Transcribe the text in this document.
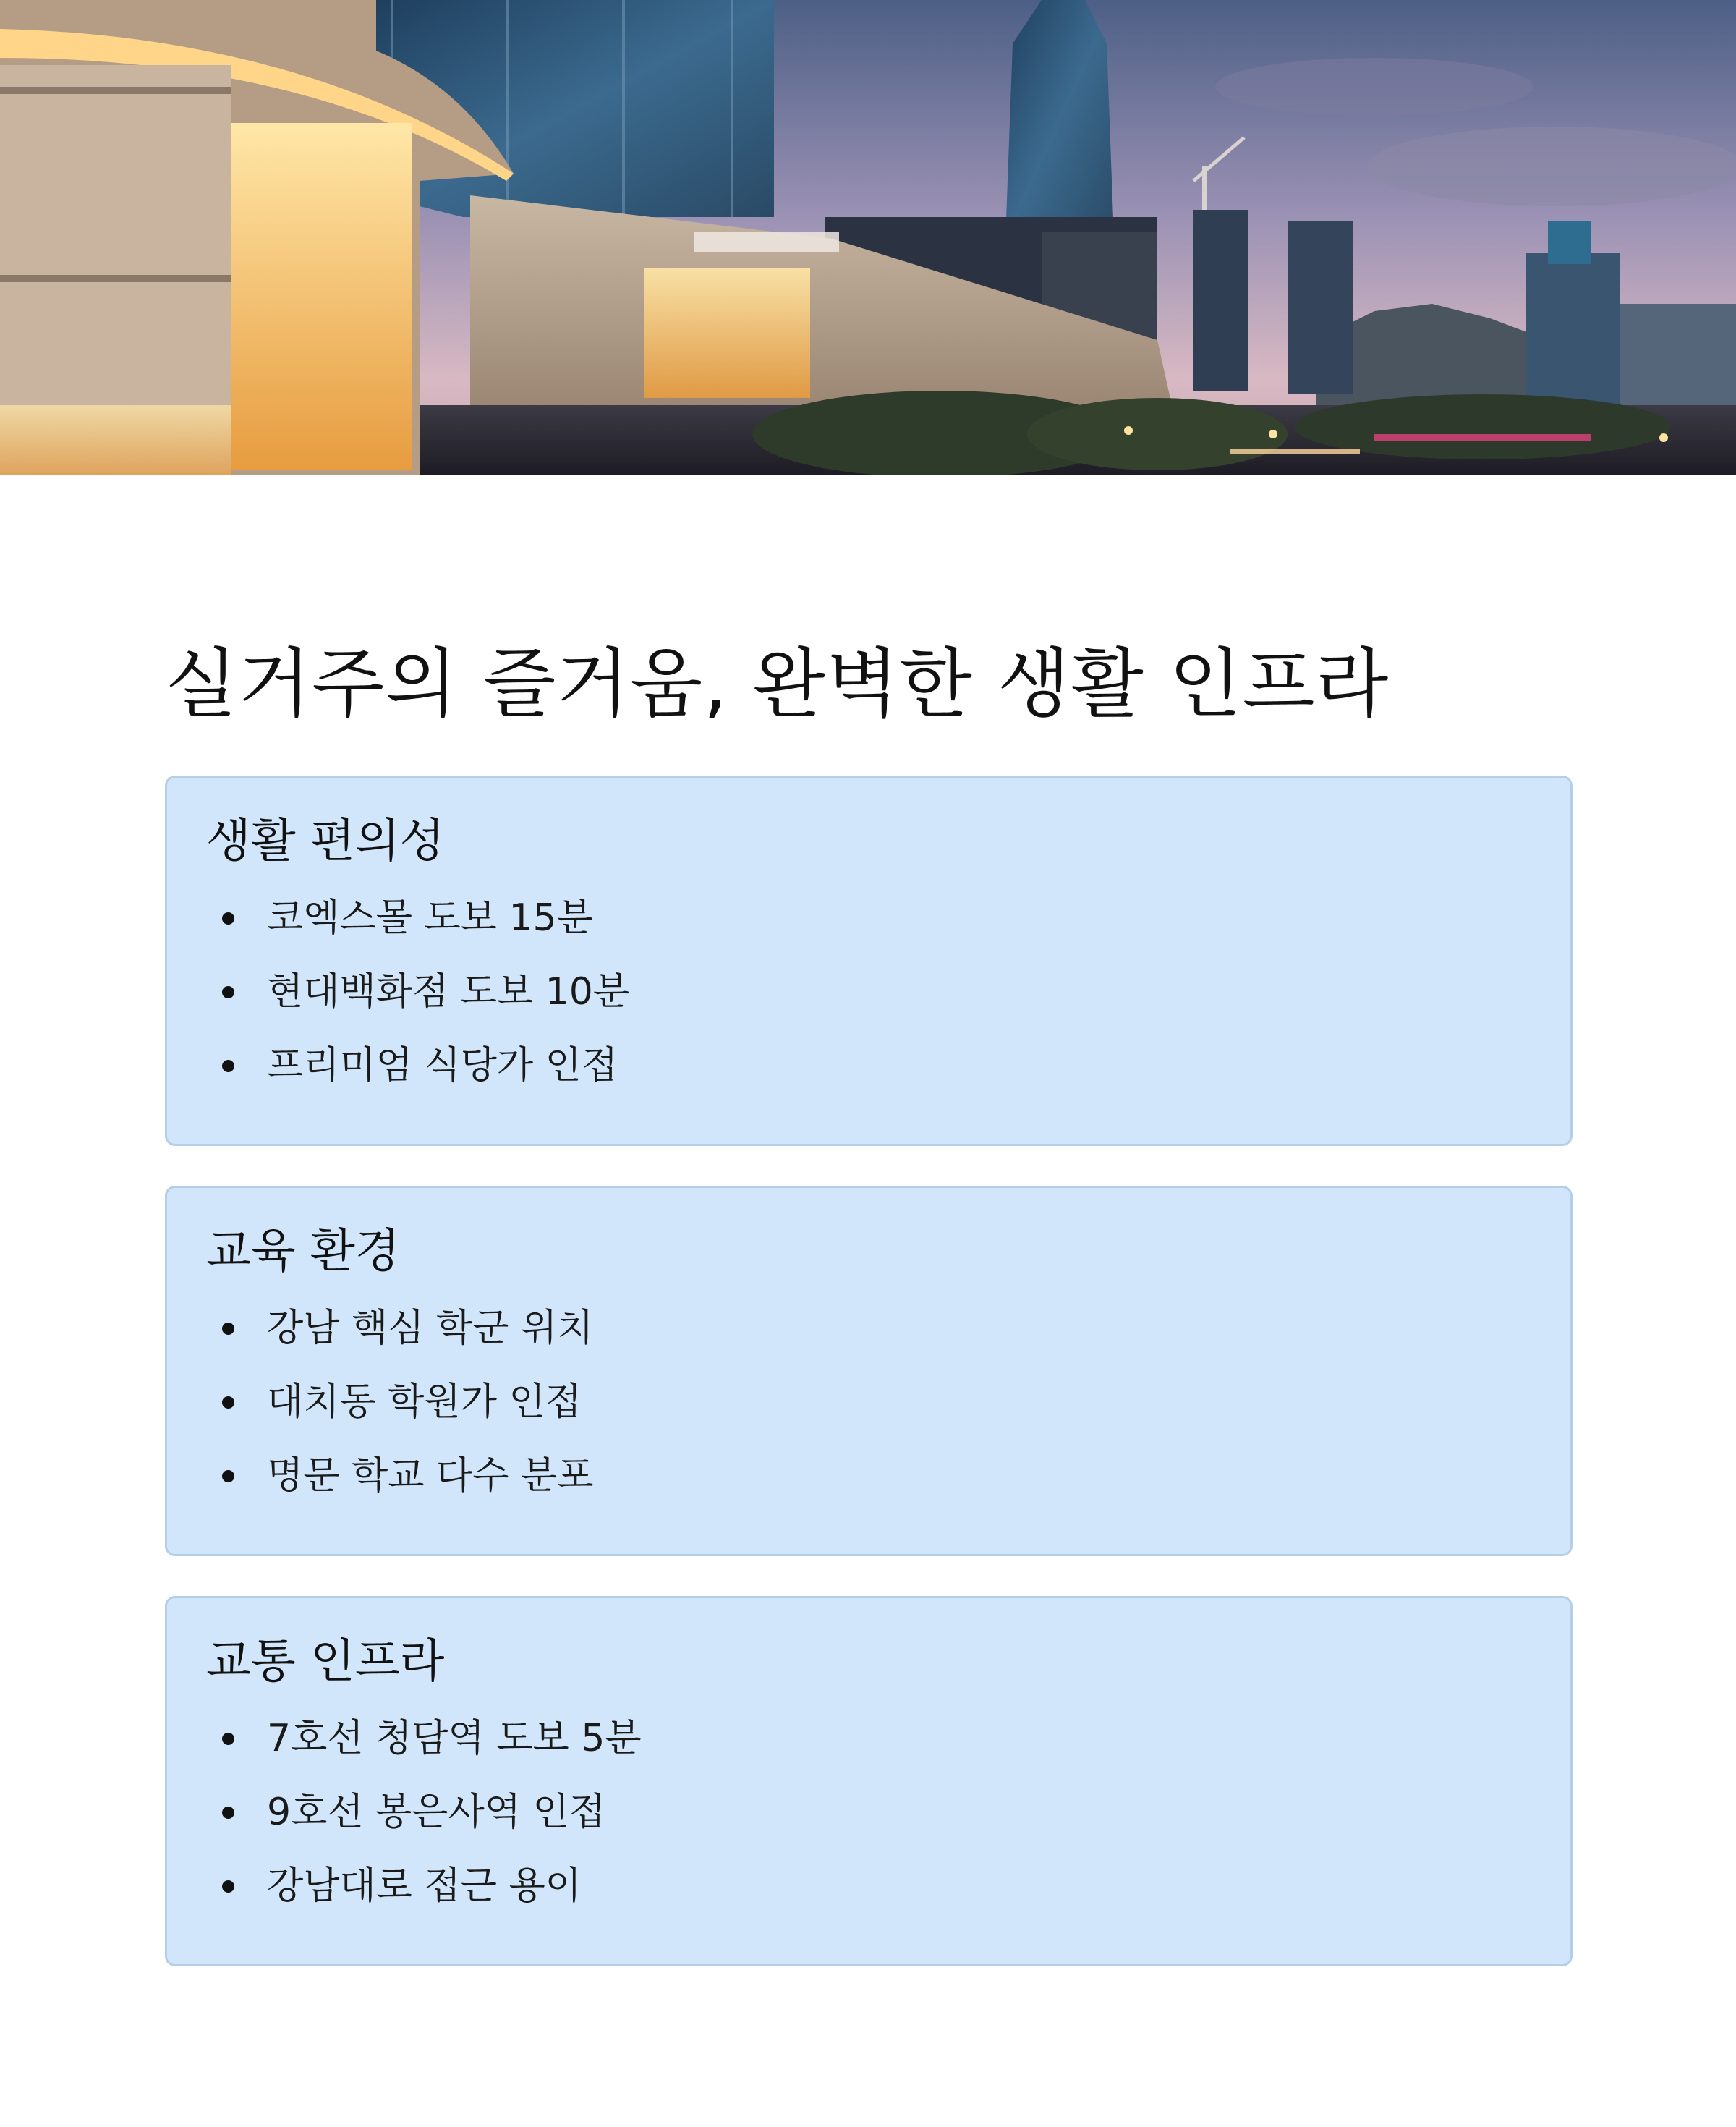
실거주의 즐거움, 완벽한 생활 인프라
생활 편의성
코엑스몰 도보 15분
현대백화점 도보 10분
프리미엄 식당가 인접
교육 환경
강남 핵심 학군 위치
대치동 학원가 인접
명문 학교 다수 분포
교통 인프라
7호선 청담역 도보 5분
9호선 봉은사역 인접
강남대로 접근 용이
